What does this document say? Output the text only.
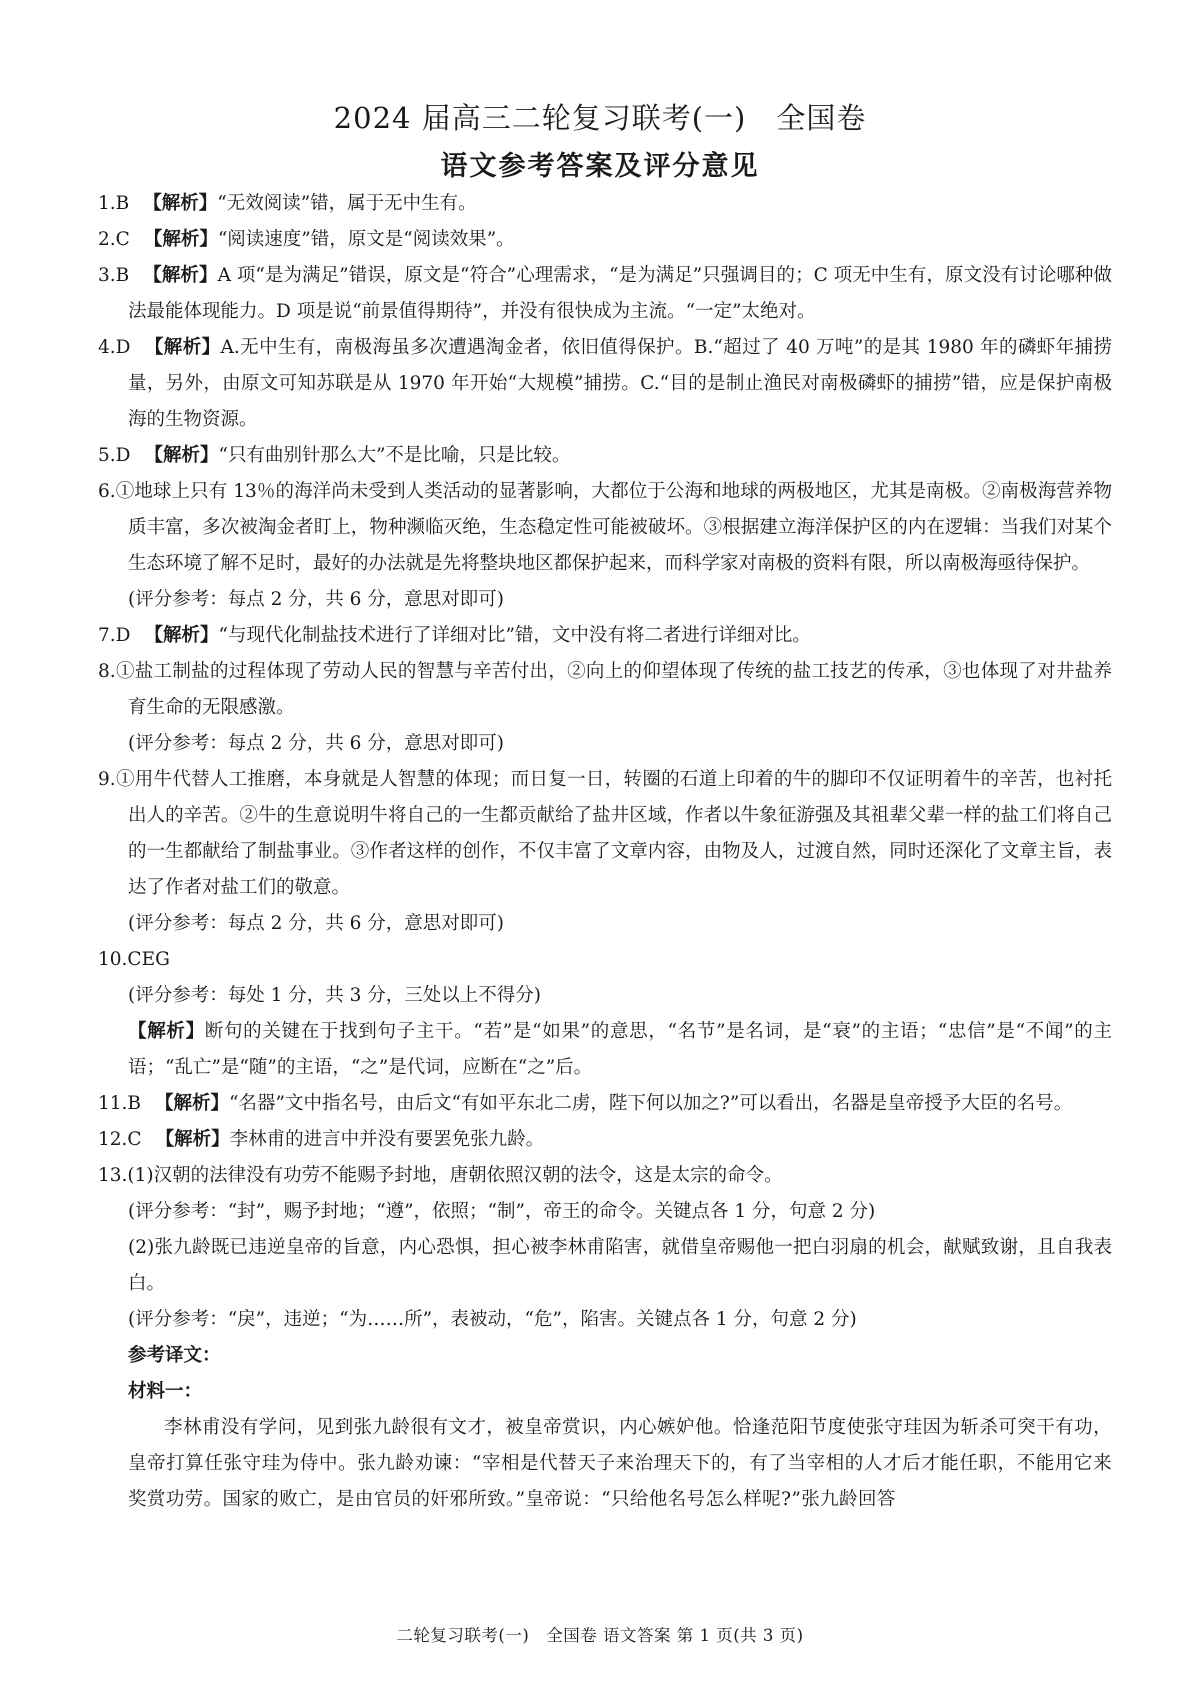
2024 届高三二轮复习联考(一)　全国卷
语文参考答案及评分意见
1.B 【解析】“无效阅读”错，属于无中生有。
2.C 【解析】“阅读速度”错，原文是“阅读效果”。
3.B 【解析】A 项“是为满足”错误，原文是“符合”心理需求，“是为满足”只强调目的；C 项无中生有，原文没有讨论哪种做法最能体现能力。D 项是说“前景值得期待”，并没有很快成为主流。“一定”太绝对。
4.D 【解析】A.无中生有，南极海虽多次遭遇淘金者，依旧值得保护。B.“超过了 40 万吨”的是其 1980 年的磷虾年捕捞量，另外，由原文可知苏联是从 1970 年开始“大规模”捕捞。C.“目的是制止渔民对南极磷虾的捕捞”错，应是保护南极海的生物资源。
5.D 【解析】“只有曲别针那么大”不是比喻，只是比较。
6.①地球上只有 13％的海洋尚未受到人类活动的显著影响，大都位于公海和地球的两极地区，尤其是南极。②南极海营养物质丰富，多次被淘金者盯上，物种濒临灭绝，生态稳定性可能被破坏。③根据建立海洋保护区的内在逻辑：当我们对某个生态环境了解不足时，最好的办法就是先将整块地区都保护起来，而科学家对南极的资料有限，所以南极海亟待保护。
(评分参考：每点 2 分，共 6 分，意思对即可)
7.D 【解析】“与现代化制盐技术进行了详细对比”错，文中没有将二者进行详细对比。
8.①盐工制盐的过程体现了劳动人民的智慧与辛苦付出，②向上的仰望体现了传统的盐工技艺的传承，③也体现了对井盐养育生命的无限感激。
(评分参考：每点 2 分，共 6 分，意思对即可)
9.①用牛代替人工推磨，本身就是人智慧的体现；而日复一日，转圈的石道上印着的牛的脚印不仅证明着牛的辛苦，也衬托出人的辛苦。②牛的生意说明牛将自己的一生都贡献给了盐井区域，作者以牛象征游强及其祖辈父辈一样的盐工们将自己的一生都献给了制盐事业。③作者这样的创作，不仅丰富了文章内容，由物及人，过渡自然，同时还深化了文章主旨，表达了作者对盐工们的敬意。
(评分参考：每点 2 分，共 6 分，意思对即可)
10.CEG
(评分参考：每处 1 分，共 3 分，三处以上不得分)
【解析】断句的关键在于找到句子主干。“若”是“如果”的意思，“名节”是名词，是“衰”的主语；“忠信”是“不闻”的主语；“乱亡”是“随”的主语，“之”是代词，应断在“之”后。
11.B 【解析】“名器”文中指名号，由后文“有如平东北二虏，陛下何以加之?”可以看出，名器是皇帝授予大臣的名号。
12.C 【解析】李林甫的进言中并没有要罢免张九龄。
13.(1)汉朝的法律没有功劳不能赐予封地，唐朝依照汉朝的法令，这是太宗的命令。
(评分参考：“封”，赐予封地；“遵”，依照；“制”，帝王的命令。关键点各 1 分，句意 2 分)
(2)张九龄既已违逆皇帝的旨意，内心恐惧，担心被李林甫陷害，就借皇帝赐他一把白羽扇的机会，献赋致谢，且自我表白。
(评分参考：“戾”，违逆；“为……所”，表被动，“危”，陷害。关键点各 1 分，句意 2 分)
参考译文：
材料一：
李林甫没有学问，见到张九龄很有文才，被皇帝赏识，内心嫉妒他。恰逢范阳节度使张守珪因为斩杀可突干有功，皇帝打算任张守珪为侍中。张九龄劝谏：“宰相是代替天子来治理天下的，有了当宰相的人才后才能任职，不能用它来奖赏功劳。国家的败亡，是由官员的奸邪所致。”皇帝说：“只给他名号怎么样呢?”张九龄回答
二轮复习联考(一)　全国卷 语文答案 第 1 页(共 3 页)
